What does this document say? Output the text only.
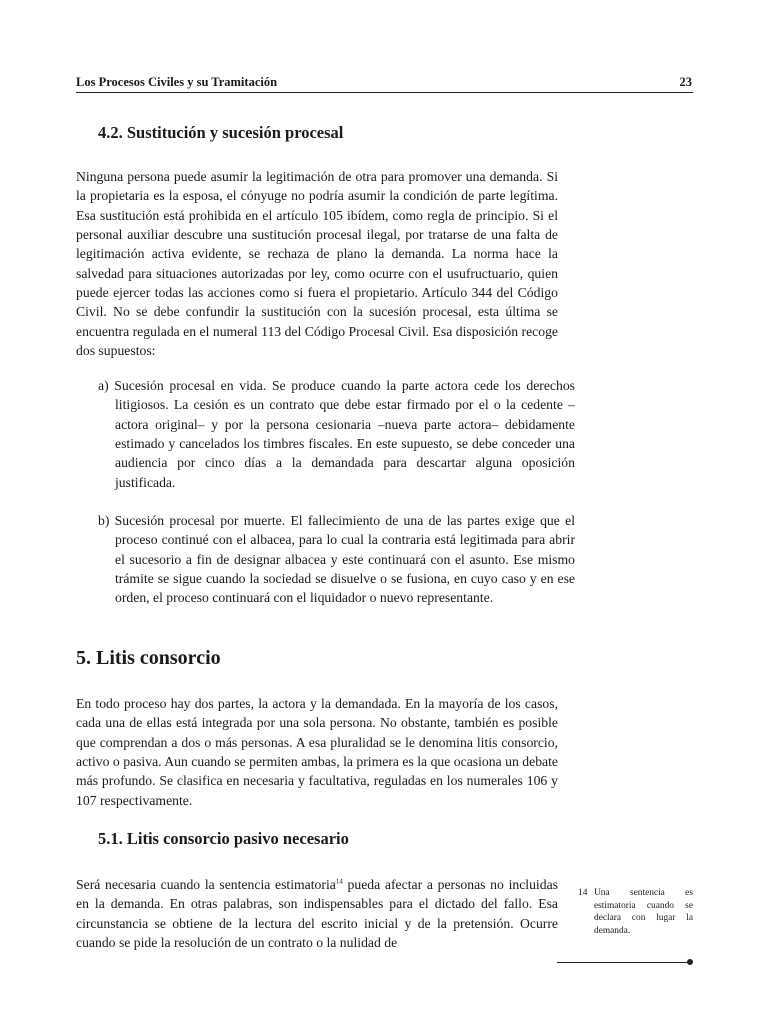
Los Procesos Civiles y su Tramitación	23
4.2. Sustitución y sucesión procesal

Ninguna persona puede asumir la legitimación de otra para promover una demanda. Si la propietaria es la esposa, el cónyuge no podría asumir la condición de parte legítima. Esa sustitución está prohibida en el artículo 105 ibídem, como regla de principio. Si el personal auxiliar descubre una sustitución procesal ilegal, por tratarse de una falta de legitimación activa evidente, se rechaza de plano la demanda. La norma hace la salvedad para situaciones autorizadas por ley, como ocurre con el usufructuario, quien puede ejercer todas las acciones como si fuera el propietario. Artículo 344 del Código Civil. No se debe confundir la sustitución con la sucesión procesal, esta última se encuentra regulada en el numeral 113 del Código Procesal Civil. Esa disposición recoge dos supuestos:

a) Sucesión procesal en vida. Se produce cuando la parte actora cede los derechos litigiosos. La cesión es un contrato que debe estar firmado por el o la cedente –actora original– y por la persona cesionaria –nueva parte actora– debidamente estimado y cancelados los timbres fiscales. En este supuesto, se debe conceder una audiencia por cinco días a la demandada para descartar alguna oposición justificada.

b) Sucesión procesal por muerte. El fallecimiento de una de las partes exige que el proceso continué con el albacea, para lo cual la contraria está legitimada para abrir el sucesorio a fin de designar albacea y este continuará con el asunto. Ese mismo trámite se sigue cuando la sociedad se disuelve o se fusiona, en cuyo caso y en ese orden, el proceso continuará con el liquidador o nuevo representante.

5. Litis consorcio

En todo proceso hay dos partes, la actora y la demandada. En la mayoría de los casos, cada una de ellas está integrada por una sola persona. No obstante, también es posible que comprendan a dos o más personas. A esa pluralidad se le denomina litis consorcio, activo o pasiva. Aun cuando se permiten ambas, la primera es la que ocasiona un debate más profundo. Se clasifica en necesaria y facultativa, reguladas en los numerales 106 y 107 respectivamente.

5.1. Litis consorcio pasivo necesario

Será necesaria cuando la sentencia estimatoria$^{14}$ pueda afectar a personas no incluidas en la demanda. En otras palabras, son indispensables para el dictado del fallo. Esa circunstancia se obtiene de la lectura del escrito inicial y de la pretensión. Ocurre cuando se pide la resolución de un contrato o la nulidad de

14 Una sentencia es estimatoria cuando se declara con lugar la demanda.
